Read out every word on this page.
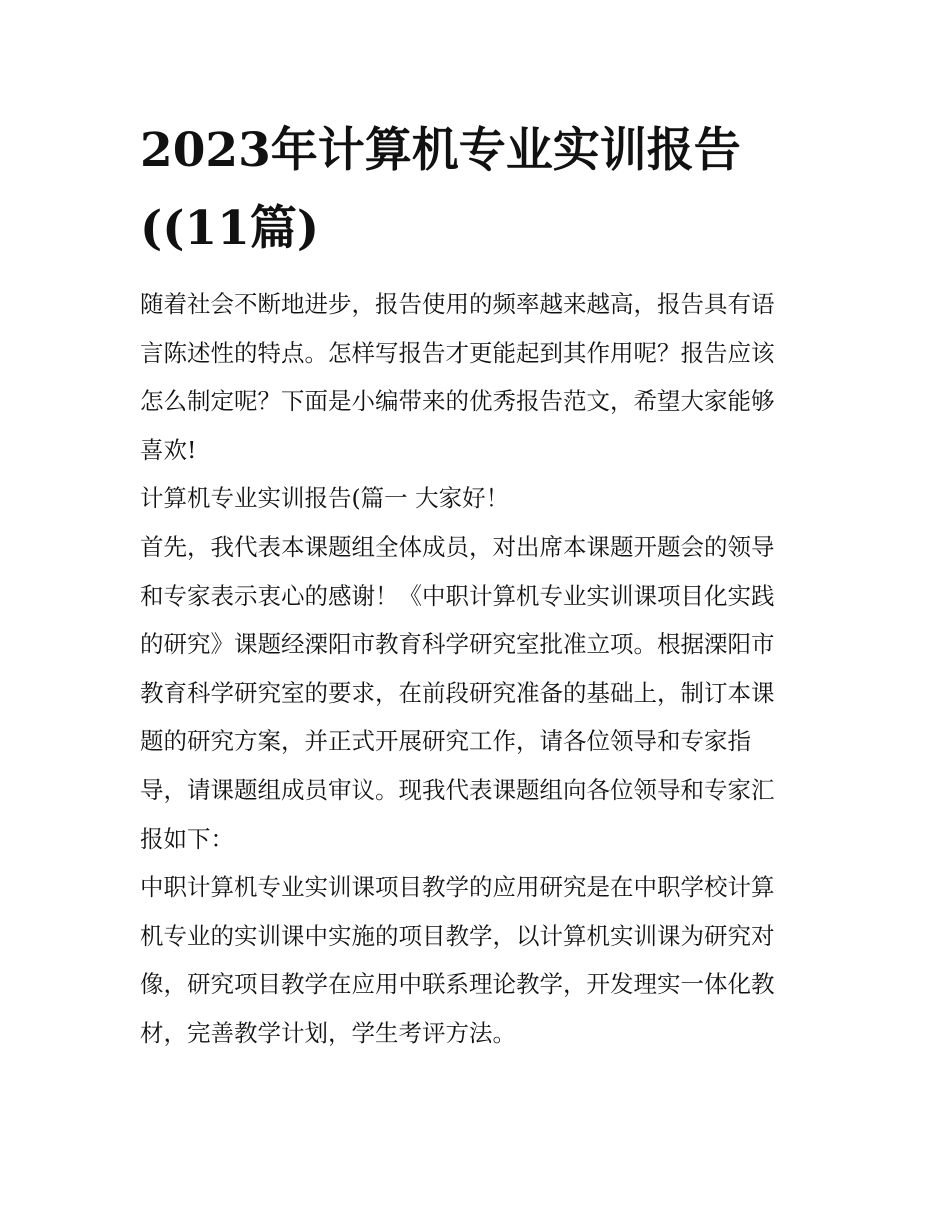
2023年计算机专业实训报告
((11篇)

随着社会不断地进步，报告使用的频率越来越高，报告具有语
言陈述性的特点。怎样写报告才更能起到其作用呢？报告应该
怎么制定呢？下面是小编带来的优秀报告范文，希望大家能够
喜欢!

计算机专业实训报告(篇一 大家好！

首先，我代表本课题组全体成员，对出席本课题开题会的领导
和专家表示衷心的感谢！《中职计算机专业实训课项目化实践
的研究》课题经溧阳市教育科学研究室批准立项。根据溧阳市
教育科学研究室的要求，在前段研究准备的基础上，制订本课
题的研究方案，并正式开展研究工作，请各位领导和专家指
导，请课题组成员审议。现我代表课题组向各位领导和专家汇
报如下：

中职计算机专业实训课项目教学的应用研究是在中职学校计算
机专业的实训课中实施的项目教学，以计算机实训课为研究对
像，研究项目教学在应用中联系理论教学，开发理实一体化教
材，完善教学计划，学生考评方法。
